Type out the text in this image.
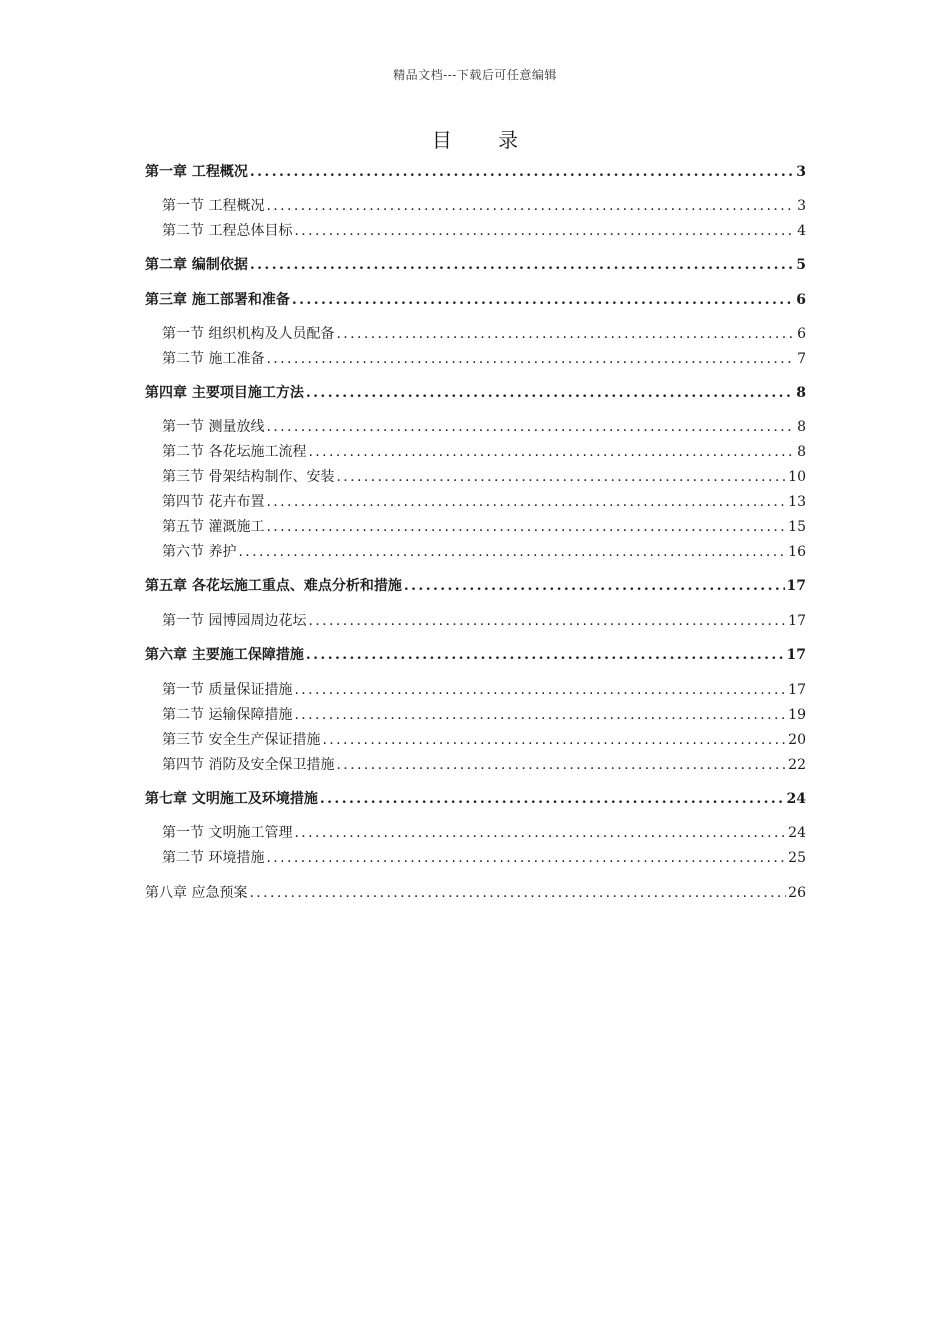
精品文档---下载后可任意编辑
目 录
第一章 工程概况 .....	3
第一节 工程概况 .....	3
第二节 工程总体目标 .....	4
第二章 编制依据 .....	5
第三章 施工部署和准备 .....	6
第一节 组织机构及人员配备 .....	6
第二节 施工准备 .....	7
第四章 主要项目施工方法 .....	8
第一节 测量放线 .....	8
第二节 各花坛施工流程 .....	8
第三节 骨架结构制作、安装 .....	10
第四节 花卉布置 .....	13
第五节 灌溉施工 .....	15
第六节 养护 .....	16
第五章 各花坛施工重点、难点分析和措施 .....	17
第一节 园博园周边花坛 .....	17
第六章 主要施工保障措施 .....	17
第一节 质量保证措施 .....	17
第二节 运输保障措施 .....	19
第三节 安全生产保证措施 .....	20
第四节 消防及安全保卫措施 .....	22
第七章 文明施工及环境措施 .....	24
第一节 文明施工管理 .....	24
第二节 环境措施 .....	25
第八章 应急预案 .....	26
